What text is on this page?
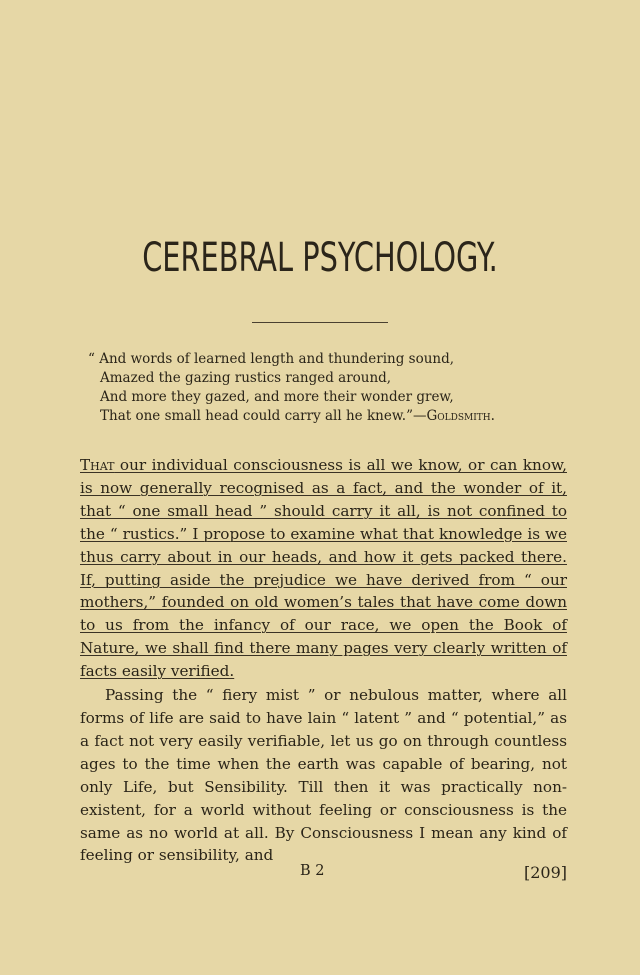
CEREBRAL PSYCHOLOGY.
“ And words of learned length and thundering sound,
Amazed the gazing rustics ranged around,
And more they gazed, and more their wonder grew,
That one small head could carry all he knew.”—Goldsmith.

That our individual consciousness is all we know, or can know, is now generally recognised as a fact, and the wonder of it, that “ one small head ” should carry it all, is not confined to the “ rustics.” I propose to examine what that knowledge is we thus carry about in our heads, and how it gets packed there. If, putting aside the prejudice we have derived from “ our mothers,” founded on old women’s tales that have come down to us from the infancy of our race, we open the Book of Nature, we shall find there many pages very clearly written of facts easily verified.

Passing the “ fiery mist ” or nebulous matter, where all forms of life are said to have lain “ latent ” and “ potential,” as a fact not very easily verifiable, let us go on through countless ages to the time when the earth was capable of bearing, not only Life, but Sensibility. Till then it was practically non-existent, for a world without feeling or consciousness is the same as no world at all. By Consciousness I mean any kind of feeling or sensibility, and

B 2	[209]
